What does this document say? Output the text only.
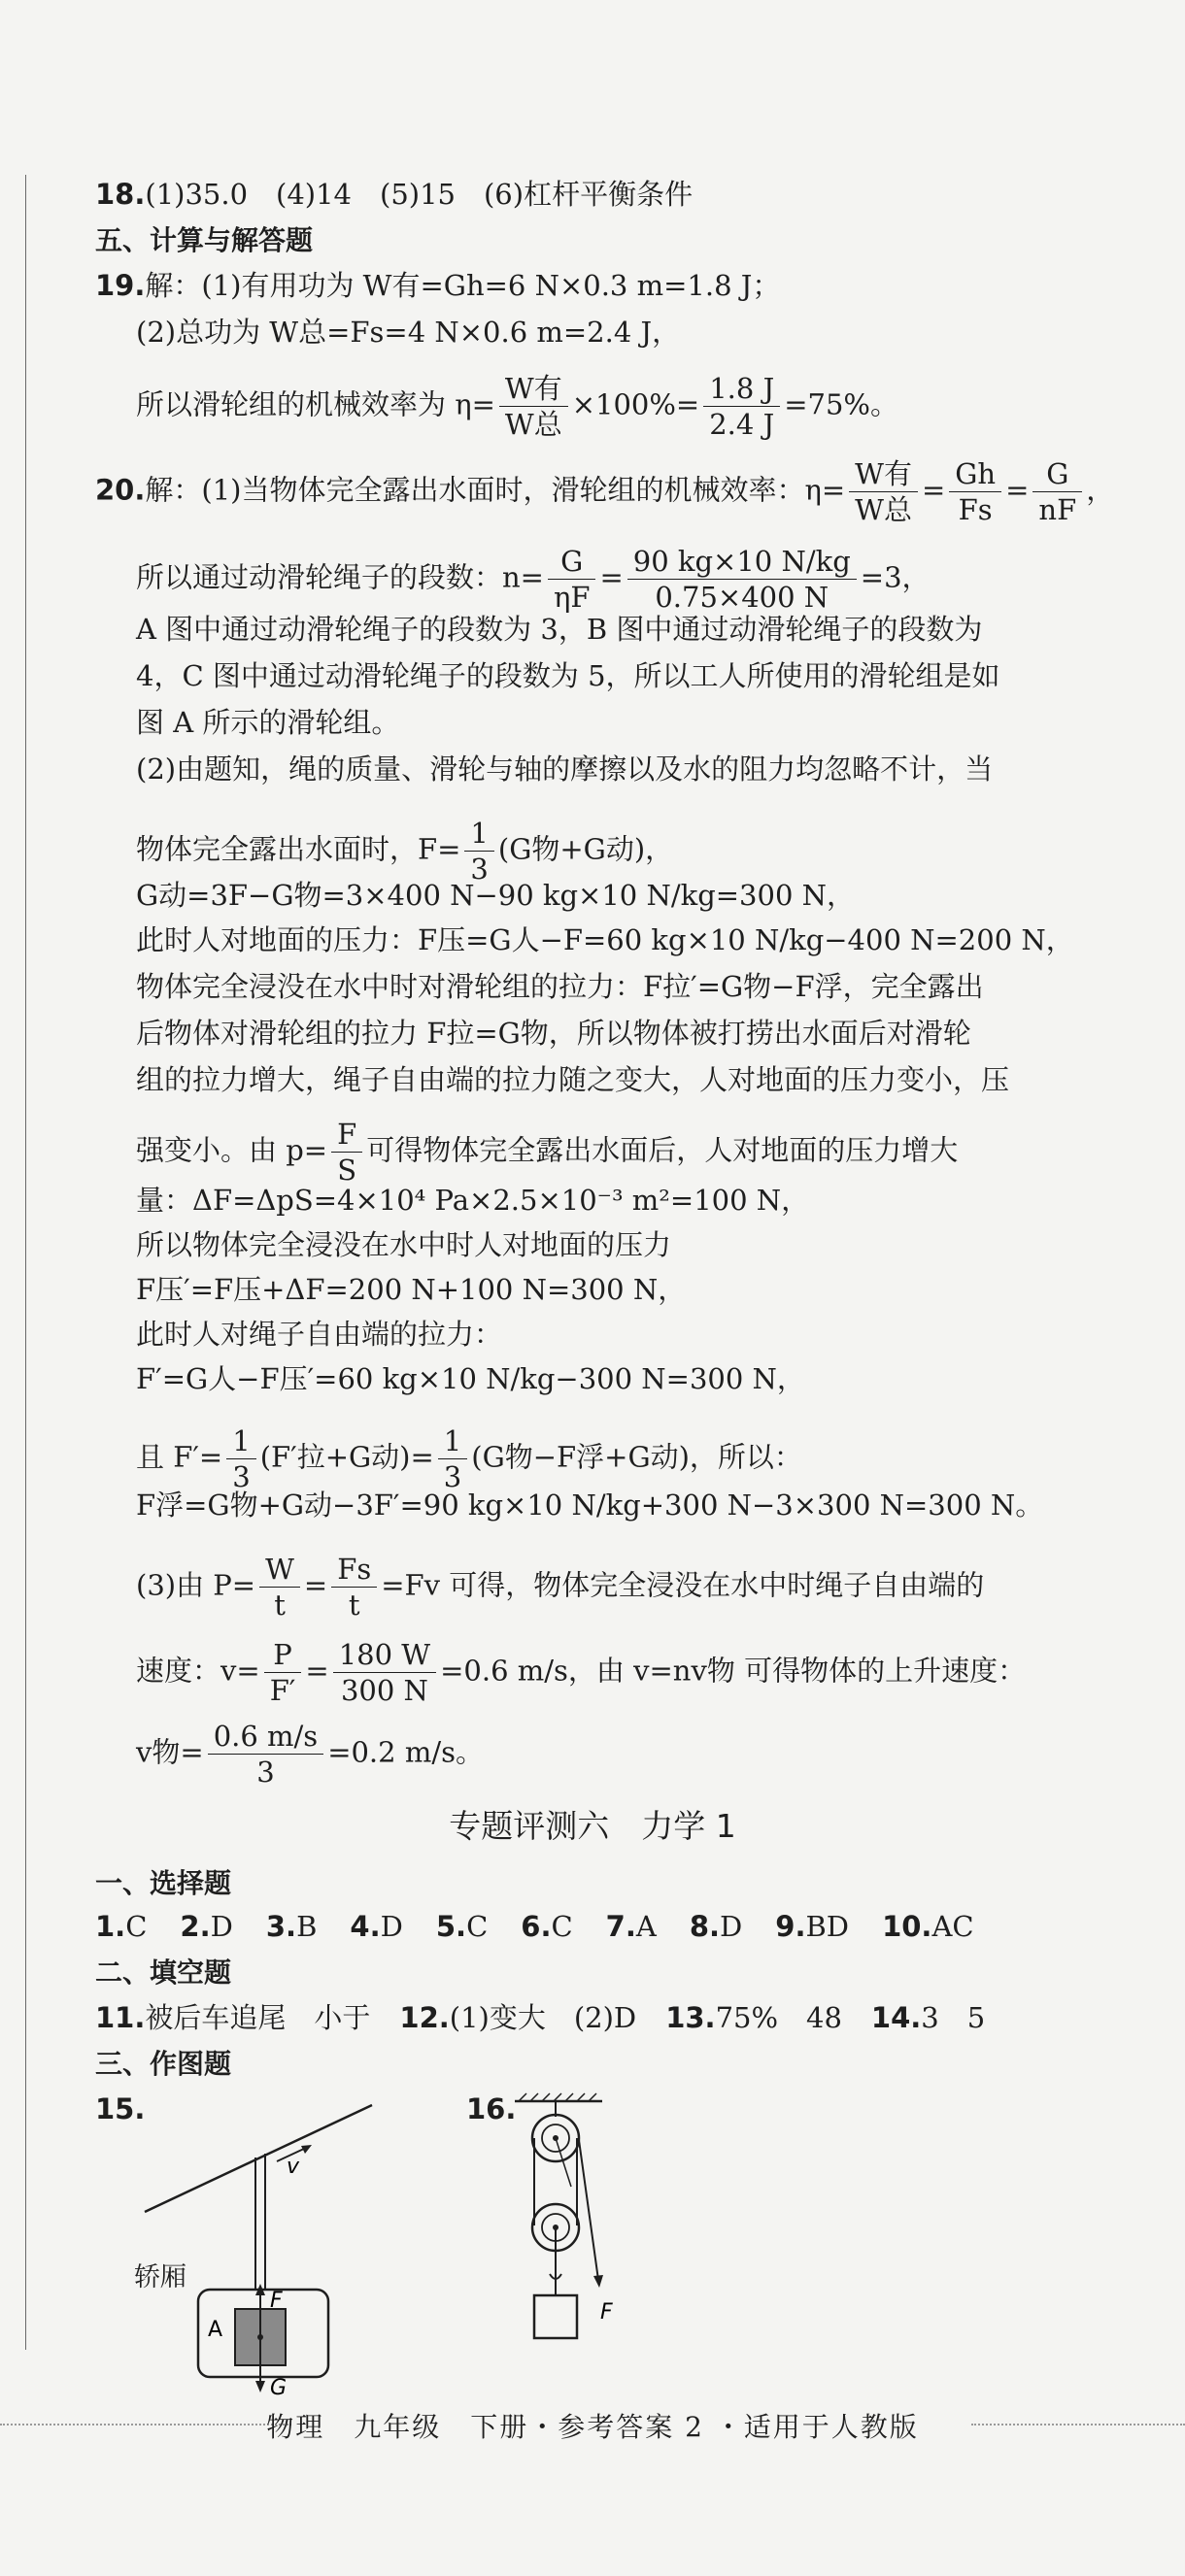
18.(1)35.0　(4)14　(5)15　(6)杠杆平衡条件
五、计算与解答题
19.解：(1)有用功为 W有=Gh=6 N×0.3 m=1.8 J；
(2)总功为 W总=Fs=4 N×0.6 m=2.4 J，
所以滑轮组的机械效率为 η= W有
W总
$\times 100\%= \frac{1.8 J}{2.4 J} =75\%$。
20.解：(1)当物体完全露出水面时，滑轮组的机械效率：η= W有
W总
= $\frac{Gh}{Fs} = \frac{G}{nF}$ ，
所以通过动滑轮绳子的段数：$n= \frac{G}{\eta F} = \frac{90 kg\times 10 N/kg}{0.75\times 400 N} =3$，
A 图中通过动滑轮绳子的段数为 3，B 图中通过动滑轮绳子的段数为
4，C 图中通过动滑轮绳子的段数为 5，所以工人所使用的滑轮组是如
图 A 所示的滑轮组。
(2)由题知，绳的质量、滑轮与轴的摩擦以及水的阻力均忽略不计，当
物体完全露出水面时，$F= \frac{1}{3} (G$物+G动)，
G动=3F−G物=3×400 N−90 kg×10 N/kg=300 N，
此时人对地面的压力：F压=G人−F=60 kg×10 N/kg−400 N=200 N，
物体完全浸没在水中时对滑轮组的拉力：F拉′=G物−F浮，完全露出
后物体对滑轮组的拉力 F拉=G物，所以物体被打捞出水面后对滑轮
组的拉力增大，绳子自由端的拉力随之变大，人对地面的压力变小，压
强变小。由 $p= \frac{F}{S}$ 可得物体完全露出水面后，人对地面的压力增大
量：ΔF=ΔpS=4×10⁴ Pa×2.5×10⁻³ m²=100 N，
所以物体完全浸没在水中时人对地面的压力
F压′=F压+ΔF=200 N+100 N=300 N，
此时人对绳子自由端的拉力：
F′=G人−F压′=60 kg×10 N/kg−300 N=300 N，
且 $F'= \frac{1}{3} (F'$拉+G动)= $\frac{1}{3} (G$物−F浮+G动)，所以：
F浮=G物+G动−3F′=90 kg×10 N/kg+300 N−3×300 N=300 N。
(3)由 $P= \frac{W}{t} = \frac{Fs}{t} =Fv$ 可得，物体完全浸没在水中时绳子自由端的
速度：$v= \frac{P}{F'} = \frac{180 W}{300 N} =0.6$ m/s，由 v=nv物 可得物体的上升速度：
v物= $\frac{0.6 m/s}{3} =0.2$ m/s。
专题评测六　力学 1
一、选择题
1.C 2.D 3.B 4.D 5.C 6.C 7.A 8.D 9.BD 10.AC
二、填空题
11.被后车追尾　小于 12.(1)变大　(2)D 13.75%　48 14.3　5
三、作图题
15.
v
A
F
G
轿厢
16.
F
物理　九年级　下册・参考答案 2 ・适用于人教版
